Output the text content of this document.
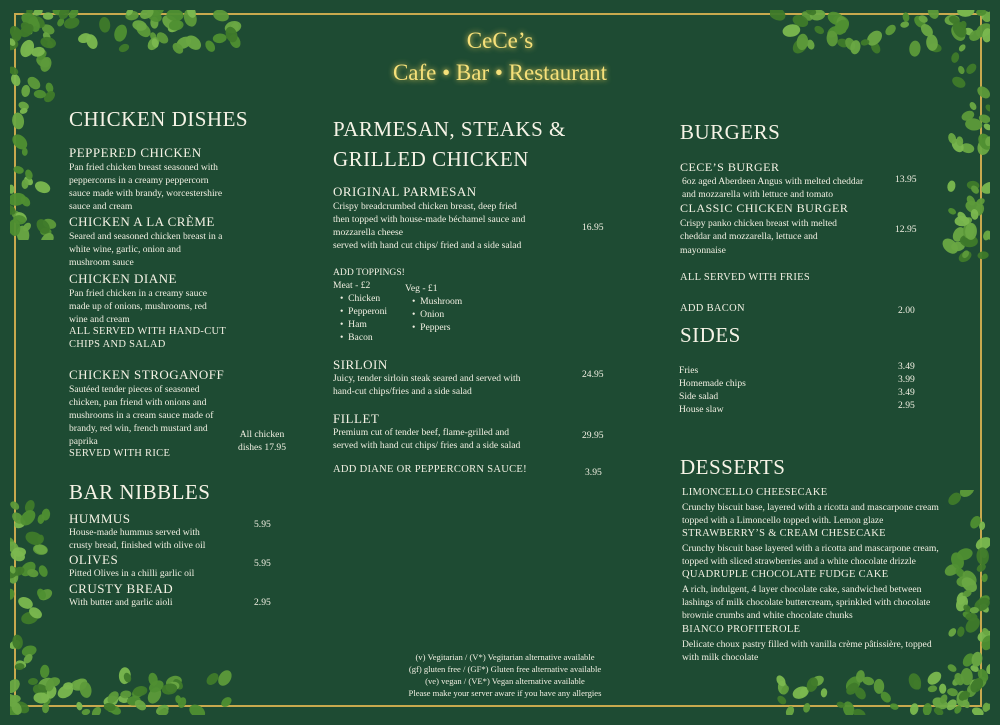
CeCe’s
Cafe • Bar • Restaurant
CHICKEN DISHES
PEPPERED CHICKEN
Pan fried chicken breast seasoned with
peppercorns in a creamy peppercorn
sauce made with brandy, worcestershire
sauce and cream
CHICKEN A LA CRÈME
Seared and seasoned chicken breast in a
white wine, garlic, onion and
mushroom sauce
CHICKEN DIANE
Pan fried chicken in a creamy sauce
made up of onions, mushrooms, red
wine and cream
ALL SERVED WITH HAND-CUT
CHIPS AND SALAD
CHICKEN STROGANOFF
Sautéed tender pieces of seasoned
chicken, pan friend with onions and
mushrooms in a cream sauce made of
brandy, red win, french mustard and
paprika
SERVED WITH RICE
All chicken
dishes 17.95
BAR NIBBLES
HUMMUS
House-made hummus served with
crusty bread, finished with olive oil
5.95
OLIVES
Pitted Olives in a chilli garlic oil
5.95
CRUSTY BREAD
With butter and garlic aioli	2.95
PARMESAN, STEAKS &
GRILLED CHICKEN
ORIGINAL PARMESAN
Crispy breadcrumbed chicken breast, deep fried
then topped with house-made béchamel sauce and
mozzarella cheese
served with hand cut chips/ fried and a side salad
16.95
ADD TOPPINGS!
Meat - £2	Veg - £1
•  Chicken
•  Pepperoni
•  Ham
•  Bacon
•  Mushroom
•  Onion
•  Peppers
SIRLOIN
Juicy, tender sirloin steak seared and served with
hand-cut chips/fries and a side salad
24.95
FILLET
Premium cut of tender beef, flame-grilled and
served with hand cut chips/ fries and a side salad
29.95
ADD DIANE OR PEPPERCORN SAUCE!	3.95
(v) Vegitarian / (V*) Vegitarian alternative available
(gf) gluten free / (GF*) Gluten free alternative available
(ve) vegan / (VE*) Vegan alternative available
Please make your server aware if you have any allergies
BURGERS
CECE’S BURGER
6oz aged Aberdeen Angus with melted cheddar
and mozzarella with lettuce and tomato
13.95
CLASSIC CHICKEN BURGER
Crispy panko chicken breast with melted
cheddar and mozzarella, lettuce and
mayonnaise
12.95
ALL SERVED WITH FRIES
ADD BACON	2.00
SIDES
Fries	3.49
Homemade chips	3.99
Side salad	3.49
House slaw	2.95
DESSERTS
LIMONCELLO CHEESECAKE
Crunchy biscuit base, layered with a ricotta and mascarpone cream
topped with a Limoncello topped with. Lemon glaze
STRAWBERRY’S & CREAM CHESECAKE
Crunchy biscuit base layered with a ricotta and mascarpone cream,
topped with sliced strawberries and a white chocolate drizzle
QUADRUPLE CHOCOLATE FUDGE CAKE
A rich, indulgent, 4 layer chocolate cake, sandwiched between
lashings of milk chocolate buttercream, sprinkled with chocolate
brownie crumbs and white chocolate chunks
BIANCO PROFITEROLE
Delicate choux pastry filled with vanilla crème pâtissière, topped
with milk chocolate
